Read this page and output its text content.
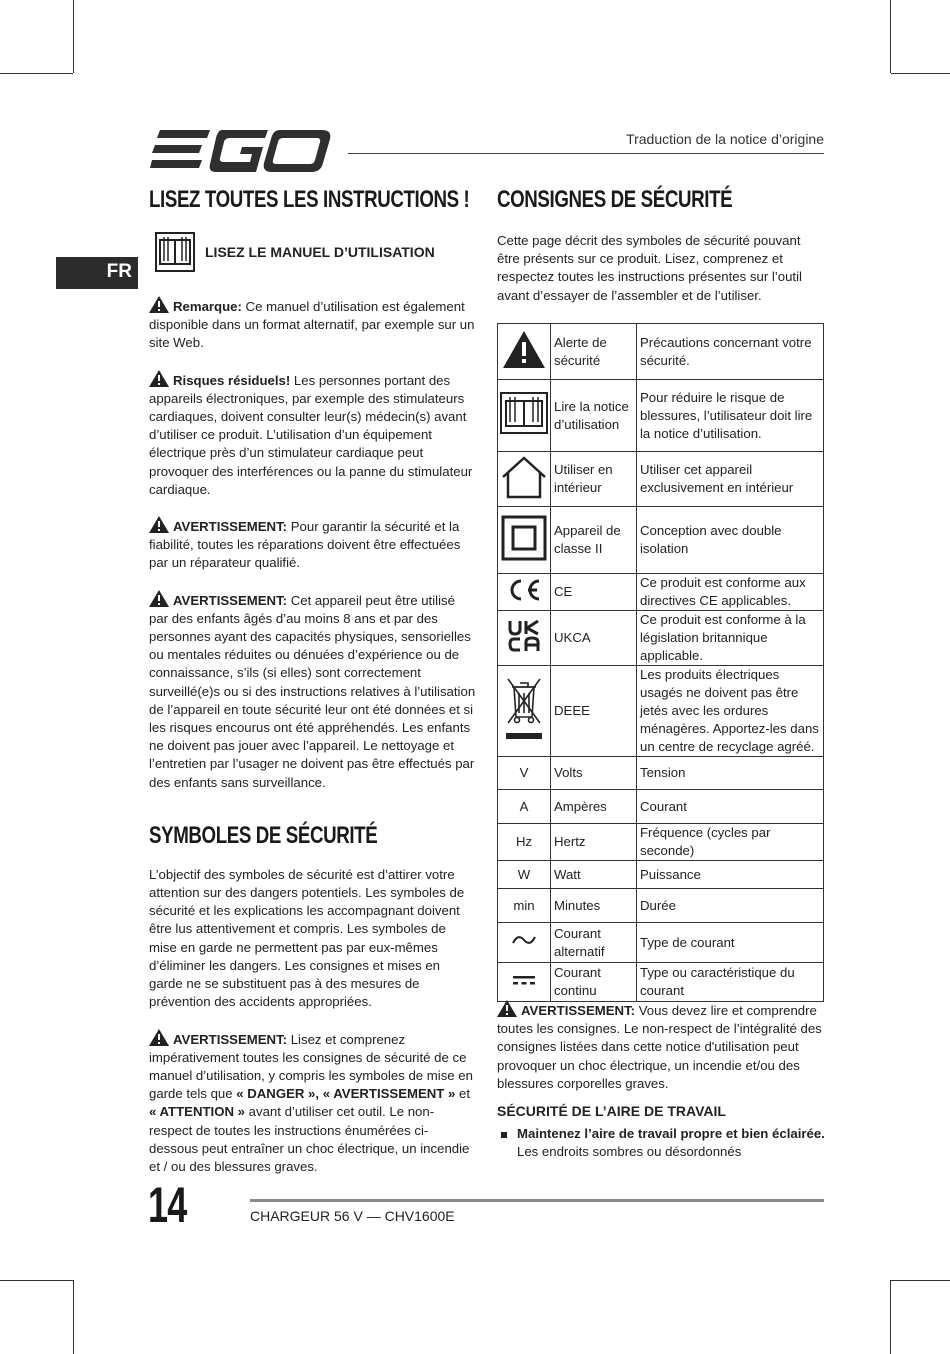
Traduction de la notice d’origine
FR
LISEZ TOUTES LES INSTRUCTIONS !
LISEZ LE MANUEL D’UTILISATION

Remarque: Ce manuel d’utilisation est également disponible dans un format alternatif, par exemple sur un site Web.

Risques résiduels! Les personnes portant des appareils électroniques, par exemple des stimulateurs cardiaques, doivent consulter leur(s) médecin(s) avant d’utiliser ce produit. L’utilisation d’un équipement électrique près d’un stimulateur cardiaque peut provoquer des interférences ou la panne du stimulateur cardiaque.

AVERTISSEMENT: Pour garantir la sécurité et la fiabilité, toutes les réparations doivent être effectuées par un réparateur qualifié.

AVERTISSEMENT: Cet appareil peut être utilisé par des enfants âgés d’au moins 8 ans et par des personnes ayant des capacités physiques, sensorielles ou mentales réduites ou dénuées d’expérience ou de connaissance, s’ils (si elles) sont correctement surveillé(e)s ou si des instructions relatives à l’utilisation de l’appareil en toute sécurité leur ont été données et si les risques encourus ont été appréhendés. Les enfants ne doivent pas jouer avec l’appareil. Le nettoyage et l’entretien par l’usager ne doivent pas être effectués par des enfants sans surveillance.

SYMBOLES DE SÉCURITÉ

L’objectif des symboles de sécurité est d’attirer votre attention sur des dangers potentiels. Les symboles de sécurité et les explications les accompagnant doivent être lus attentivement et compris. Les symboles de mise en garde ne permettent pas par eux-mêmes d’éliminer les dangers. Les consignes et mises en garde ne se substituent pas à des mesures de prévention des accidents appropriées.

AVERTISSEMENT: Lisez et comprenez impérativement toutes les consignes de sécurité de ce manuel d’utilisation, y compris les symboles de mise en garde tels que « DANGER », « AVERTISSEMENT » et « ATTENTION » avant d’utiliser cet outil. Le non-respect de toutes les instructions énumérées ci-dessous peut entraîner un choc électrique, un incendie et / ou des blessures graves.

CONSIGNES DE SÉCURITÉ

Cette page décrit des symboles de sécurité pouvant être présents sur ce produit. Lisez, comprenez et respectez toutes les instructions présentes sur l’outil avant d’essayer de l’assembler et de l’utiliser.

	Alerte de sécurité	Précautions concernant votre sécurité.
	Lire la notice d’utilisation	Pour réduire le risque de blessures, l’utilisateur doit lire la notice d’utilisation.
	Utiliser en intérieur	Utiliser cet appareil exclusivement en intérieur
	Appareil de classe II	Conception avec double isolation
	CE	Ce produit est conforme aux directives CE applicables.
	UKCA	Ce produit est conforme à la législation britannique applicable.
	DEEE	Les produits électriques usagés ne doivent pas être jetés avec les ordures ménagères. Apportez-les dans un centre de recyclage agréé.
V	Volts	Tension
A	Ampères	Courant
Hz	Hertz	Fréquence (cycles par seconde)
W	Watt	Puissance
min	Minutes	Durée
	Courant alternatif	Type de courant
	Courant continu	Type ou caractéristique du courant

AVERTISSEMENT: Vous devez lire et comprendre toutes les consignes. Le non-respect de l’intégralité des consignes listées dans cette notice d'utilisation peut provoquer un choc électrique, un incendie et/ou des blessures corporelles graves.

SÉCURITÉ DE L’AIRE DE TRAVAIL
Maintenez l’aire de travail propre et bien éclairée. Les endroits sombres ou désordonnés
14	CHARGEUR 56 V — CHV1600E
